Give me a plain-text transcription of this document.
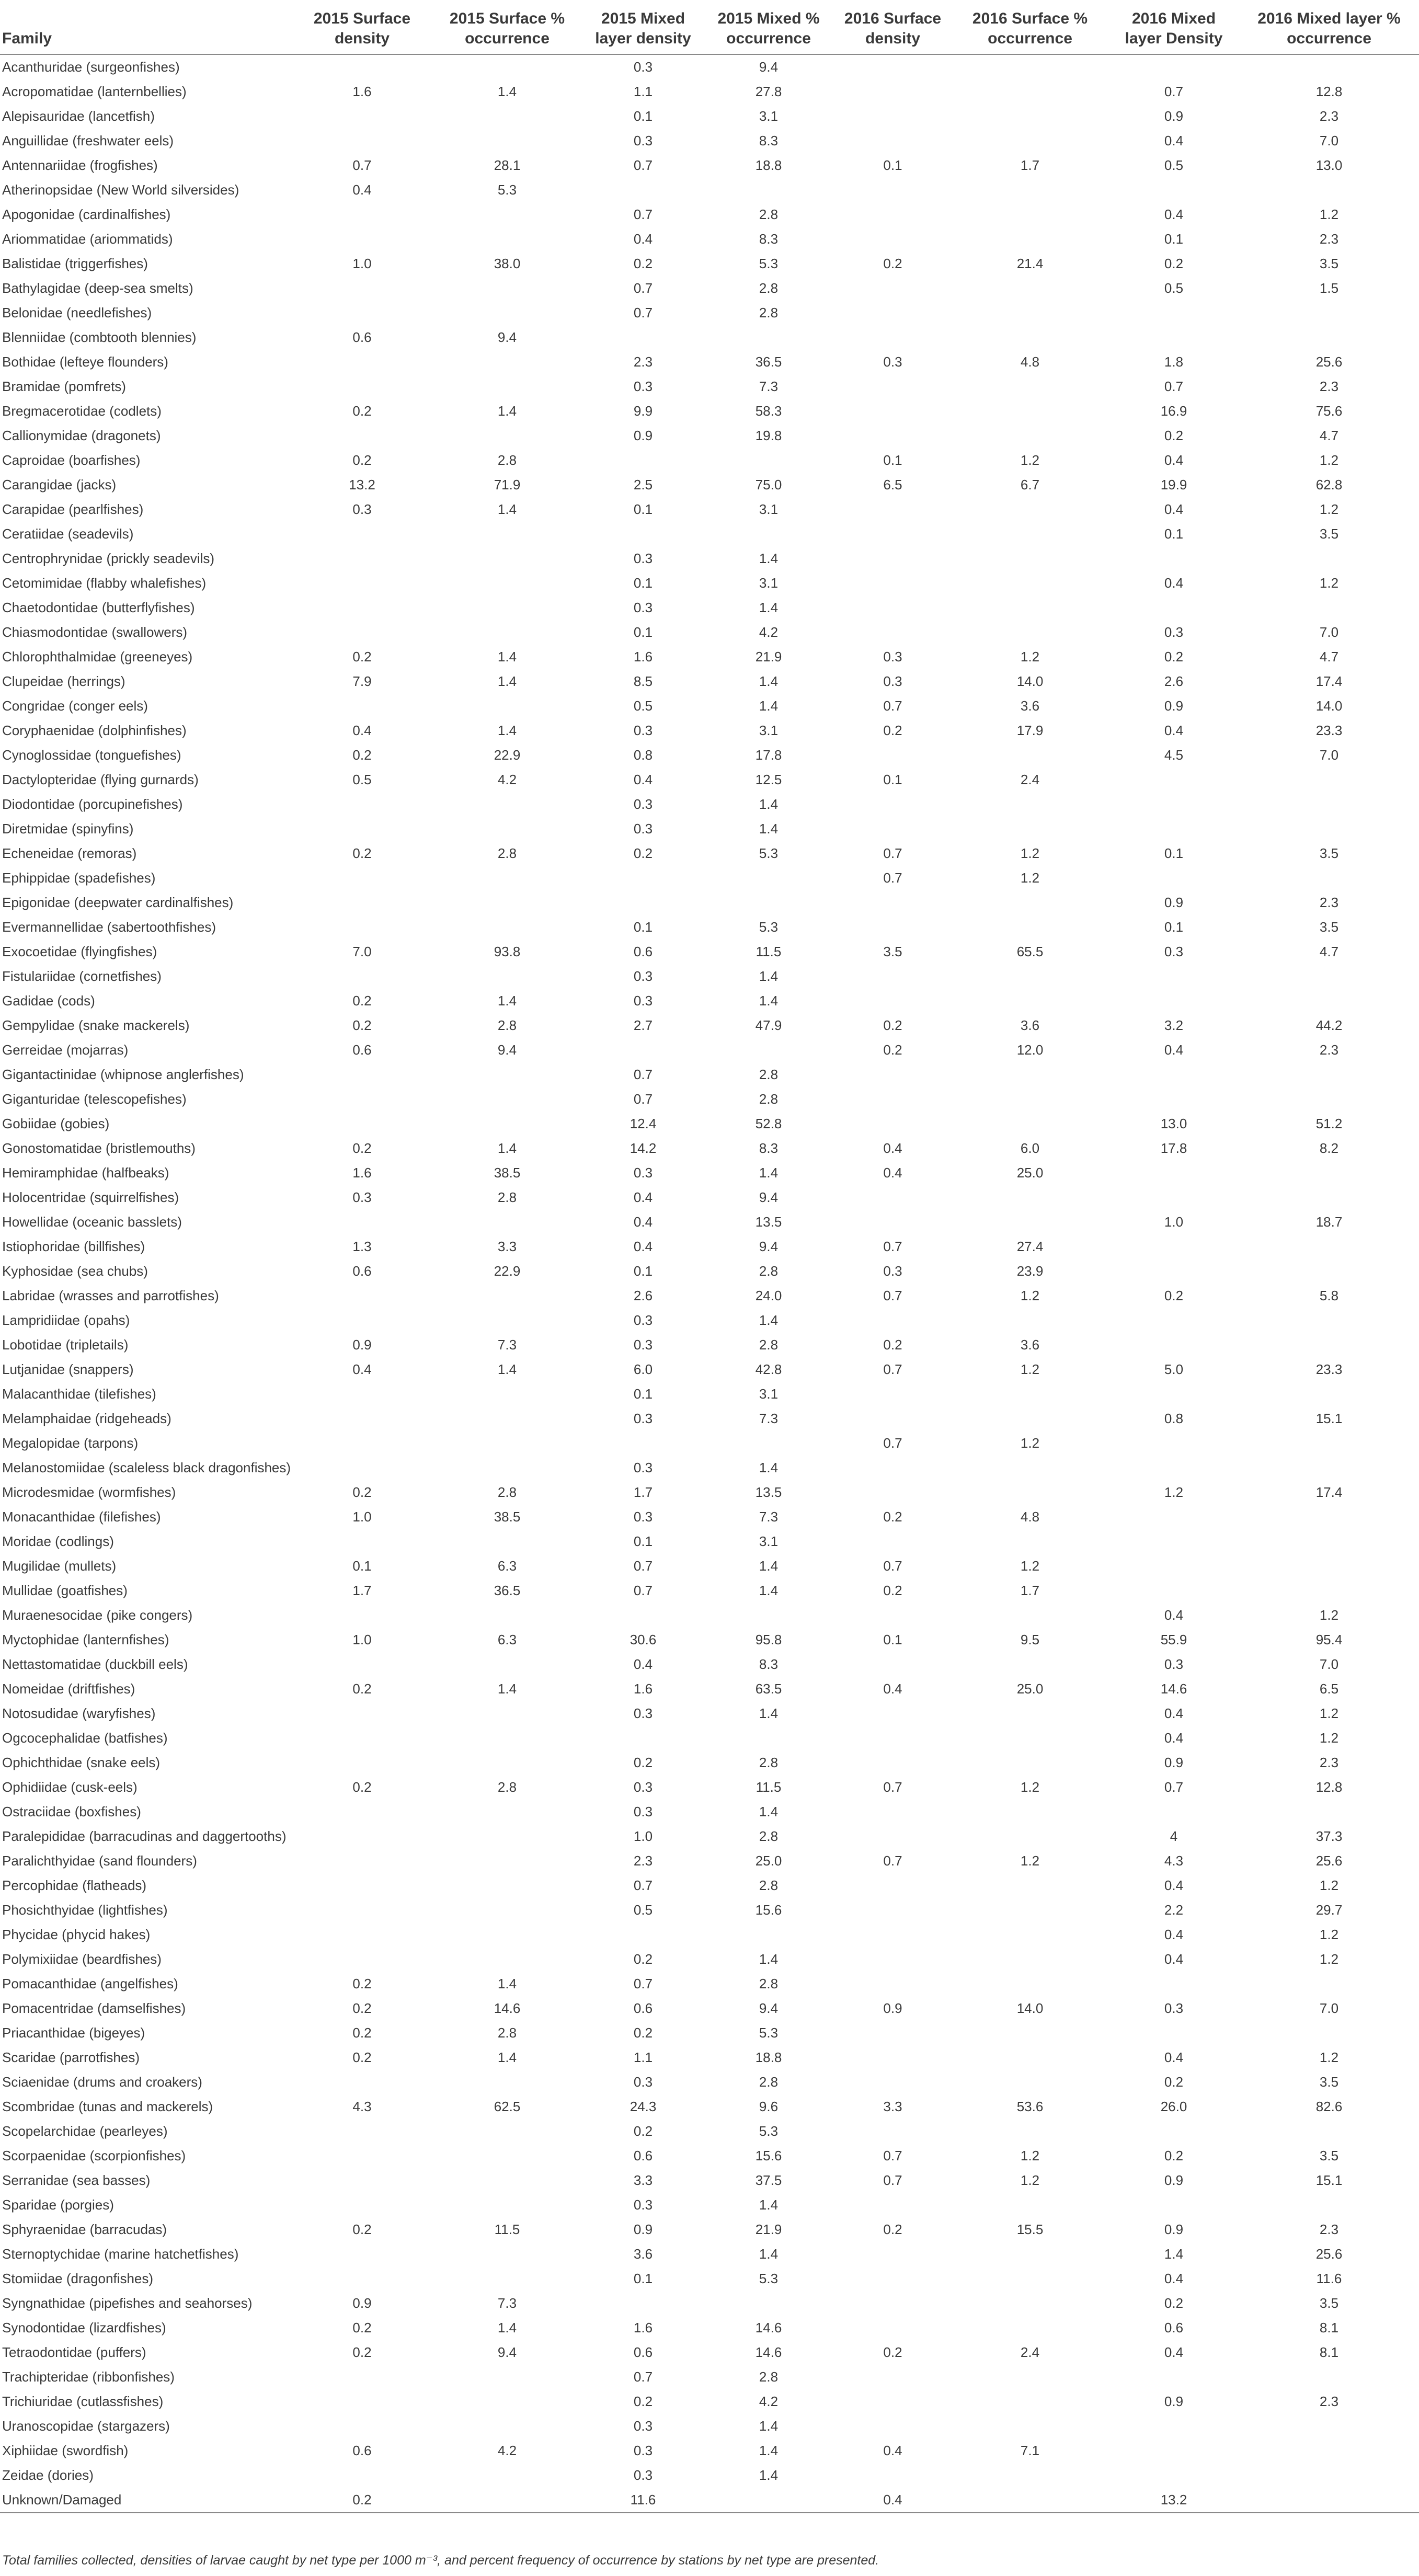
Family	2015 Surface density	2015 Surface % occurrence	2015 Mixed layer density	2015 Mixed % occurrence	2016 Surface density	2016 Surface % occurrence	2016 Mixed layer Density	2016 Mixed layer % occurrence
Acanthuridae (surgeonfishes)			0.3	9.4				
Acropomatidae (lanternbellies)	1.6	1.4	1.1	27.8			0.7	12.8
Alepisauridae (lancetfish)			0.1	3.1			0.9	2.3
Anguillidae (freshwater eels)			0.3	8.3			0.4	7.0
Antennariidae (frogfishes)	0.7	28.1	0.7	18.8	0.1	1.7	0.5	13.0
Atherinopsidae (New World silversides)	0.4	5.3						
Apogonidae (cardinalfishes)			0.7	2.8			0.4	1.2
Ariommatidae (ariommatids)			0.4	8.3			0.1	2.3
Balistidae (triggerfishes)	1.0	38.0	0.2	5.3	0.2	21.4	0.2	3.5
Bathylagidae (deep-sea smelts)			0.7	2.8			0.5	1.5
Belonidae (needlefishes)			0.7	2.8				
Blenniidae (combtooth blennies)	0.6	9.4						
Bothidae (lefteye flounders)			2.3	36.5	0.3	4.8	1.8	25.6
Bramidae (pomfrets)			0.3	7.3			0.7	2.3
Bregmacerotidae (codlets)	0.2	1.4	9.9	58.3			16.9	75.6
Callionymidae (dragonets)			0.9	19.8			0.2	4.7
Caproidae (boarfishes)	0.2	2.8			0.1	1.2	0.4	1.2
Carangidae (jacks)	13.2	71.9	2.5	75.0	6.5	6.7	19.9	62.8
Carapidae (pearlfishes)	0.3	1.4	0.1	3.1			0.4	1.2
Ceratiidae (seadevils)							0.1	3.5
Centrophrynidae (prickly seadevils)			0.3	1.4				
Cetomimidae (flabby whalefishes)			0.1	3.1			0.4	1.2
Chaetodontidae (butterflyfishes)			0.3	1.4				
Chiasmodontidae (swallowers)			0.1	4.2			0.3	7.0
Chlorophthalmidae (greeneyes)	0.2	1.4	1.6	21.9	0.3	1.2	0.2	4.7
Clupeidae (herrings)	7.9	1.4	8.5	1.4	0.3	14.0	2.6	17.4
Congridae (conger eels)			0.5	1.4	0.7	3.6	0.9	14.0
Coryphaenidae (dolphinfishes)	0.4	1.4	0.3	3.1	0.2	17.9	0.4	23.3
Cynoglossidae (tonguefishes)	0.2	22.9	0.8	17.8			4.5	7.0
Dactylopteridae (flying gurnards)	0.5	4.2	0.4	12.5	0.1	2.4		
Diodontidae (porcupinefishes)			0.3	1.4				
Diretmidae (spinyfins)			0.3	1.4				
Echeneidae (remoras)	0.2	2.8	0.2	5.3	0.7	1.2	0.1	3.5
Ephippidae (spadefishes)					0.7	1.2		
Epigonidae (deepwater cardinalfishes)							0.9	2.3
Evermannellidae (sabertoothfishes)			0.1	5.3			0.1	3.5
Exocoetidae (flyingfishes)	7.0	93.8	0.6	11.5	3.5	65.5	0.3	4.7
Fistulariidae (cornetfishes)			0.3	1.4				
Gadidae (cods)	0.2	1.4	0.3	1.4				
Gempylidae (snake mackerels)	0.2	2.8	2.7	47.9	0.2	3.6	3.2	44.2
Gerreidae (mojarras)	0.6	9.4			0.2	12.0	0.4	2.3
Gigantactinidae (whipnose anglerfishes)			0.7	2.8				
Giganturidae (telescopefishes)			0.7	2.8				
Gobiidae (gobies)			12.4	52.8			13.0	51.2
Gonostomatidae (bristlemouths)	0.2	1.4	14.2	8.3	0.4	6.0	17.8	8.2
Hemiramphidae (halfbeaks)	1.6	38.5	0.3	1.4	0.4	25.0		
Holocentridae (squirrelfishes)	0.3	2.8	0.4	9.4				
Howellidae (oceanic basslets)			0.4	13.5			1.0	18.7
Istiophoridae (billfishes)	1.3	3.3	0.4	9.4	0.7	27.4		
Kyphosidae (sea chubs)	0.6	22.9	0.1	2.8	0.3	23.9		
Labridae (wrasses and parrotfishes)			2.6	24.0	0.7	1.2	0.2	5.8
Lampridiidae (opahs)			0.3	1.4				
Lobotidae (tripletails)	0.9	7.3	0.3	2.8	0.2	3.6		
Lutjanidae (snappers)	0.4	1.4	6.0	42.8	0.7	1.2	5.0	23.3
Malacanthidae (tilefishes)			0.1	3.1				
Melamphaidae (ridgeheads)			0.3	7.3			0.8	15.1
Megalopidae (tarpons)					0.7	1.2		
Melanostomiidae (scaleless black dragonfishes)			0.3	1.4				
Microdesmidae (wormfishes)	0.2	2.8	1.7	13.5			1.2	17.4
Monacanthidae (filefishes)	1.0	38.5	0.3	7.3	0.2	4.8		
Moridae (codlings)			0.1	3.1				
Mugilidae (mullets)	0.1	6.3	0.7	1.4	0.7	1.2		
Mullidae (goatfishes)	1.7	36.5	0.7	1.4	0.2	1.7		
Muraenesocidae (pike congers)							0.4	1.2
Myctophidae (lanternfishes)	1.0	6.3	30.6	95.8	0.1	9.5	55.9	95.4
Nettastomatidae (duckbill eels)			0.4	8.3			0.3	7.0
Nomeidae (driftfishes)	0.2	1.4	1.6	63.5	0.4	25.0	14.6	6.5
Notosudidae (waryfishes)			0.3	1.4			0.4	1.2
Ogcocephalidae (batfishes)							0.4	1.2
Ophichthidae (snake eels)			0.2	2.8			0.9	2.3
Ophidiidae (cusk-eels)	0.2	2.8	0.3	11.5	0.7	1.2	0.7	12.8
Ostraciidae (boxfishes)			0.3	1.4				
Paralepididae (barracudinas and daggertooths)			1.0	2.8			4	37.3
Paralichthyidae (sand flounders)			2.3	25.0	0.7	1.2	4.3	25.6
Percophidae (flatheads)			0.7	2.8			0.4	1.2
Phosichthyidae (lightfishes)			0.5	15.6			2.2	29.7
Phycidae (phycid hakes)							0.4	1.2
Polymixiidae (beardfishes)			0.2	1.4			0.4	1.2
Pomacanthidae (angelfishes)	0.2	1.4	0.7	2.8				
Pomacentridae (damselfishes)	0.2	14.6	0.6	9.4	0.9	14.0	0.3	7.0
Priacanthidae (bigeyes)	0.2	2.8	0.2	5.3				
Scaridae (parrotfishes)	0.2	1.4	1.1	18.8			0.4	1.2
Sciaenidae (drums and croakers)			0.3	2.8			0.2	3.5
Scombridae (tunas and mackerels)	4.3	62.5	24.3	9.6	3.3	53.6	26.0	82.6
Scopelarchidae (pearleyes)			0.2	5.3				
Scorpaenidae (scorpionfishes)			0.6	15.6	0.7	1.2	0.2	3.5
Serranidae (sea basses)			3.3	37.5	0.7	1.2	0.9	15.1
Sparidae (porgies)			0.3	1.4				
Sphyraenidae (barracudas)	0.2	11.5	0.9	21.9	0.2	15.5	0.9	2.3
Sternoptychidae (marine hatchetfishes)			3.6	1.4			1.4	25.6
Stomiidae (dragonfishes)			0.1	5.3			0.4	11.6
Syngnathidae (pipefishes and seahorses)	0.9	7.3					0.2	3.5
Synodontidae (lizardfishes)	0.2	1.4	1.6	14.6			0.6	8.1
Tetraodontidae (puffers)	0.2	9.4	0.6	14.6	0.2	2.4	0.4	8.1
Trachipteridae (ribbonfishes)			0.7	2.8				
Trichiuridae (cutlassfishes)			0.2	4.2			0.9	2.3
Uranoscopidae (stargazers)			0.3	1.4				
Xiphiidae (swordfish)	0.6	4.2	0.3	1.4	0.4	7.1		
Zeidae (dories)			0.3	1.4				
Unknown/Damaged	0.2		11.6		0.4		13.2	
Total families collected, densities of larvae caught by net type per 1000 m⁻³, and percent frequency of occurrence by stations by net type are presented.
